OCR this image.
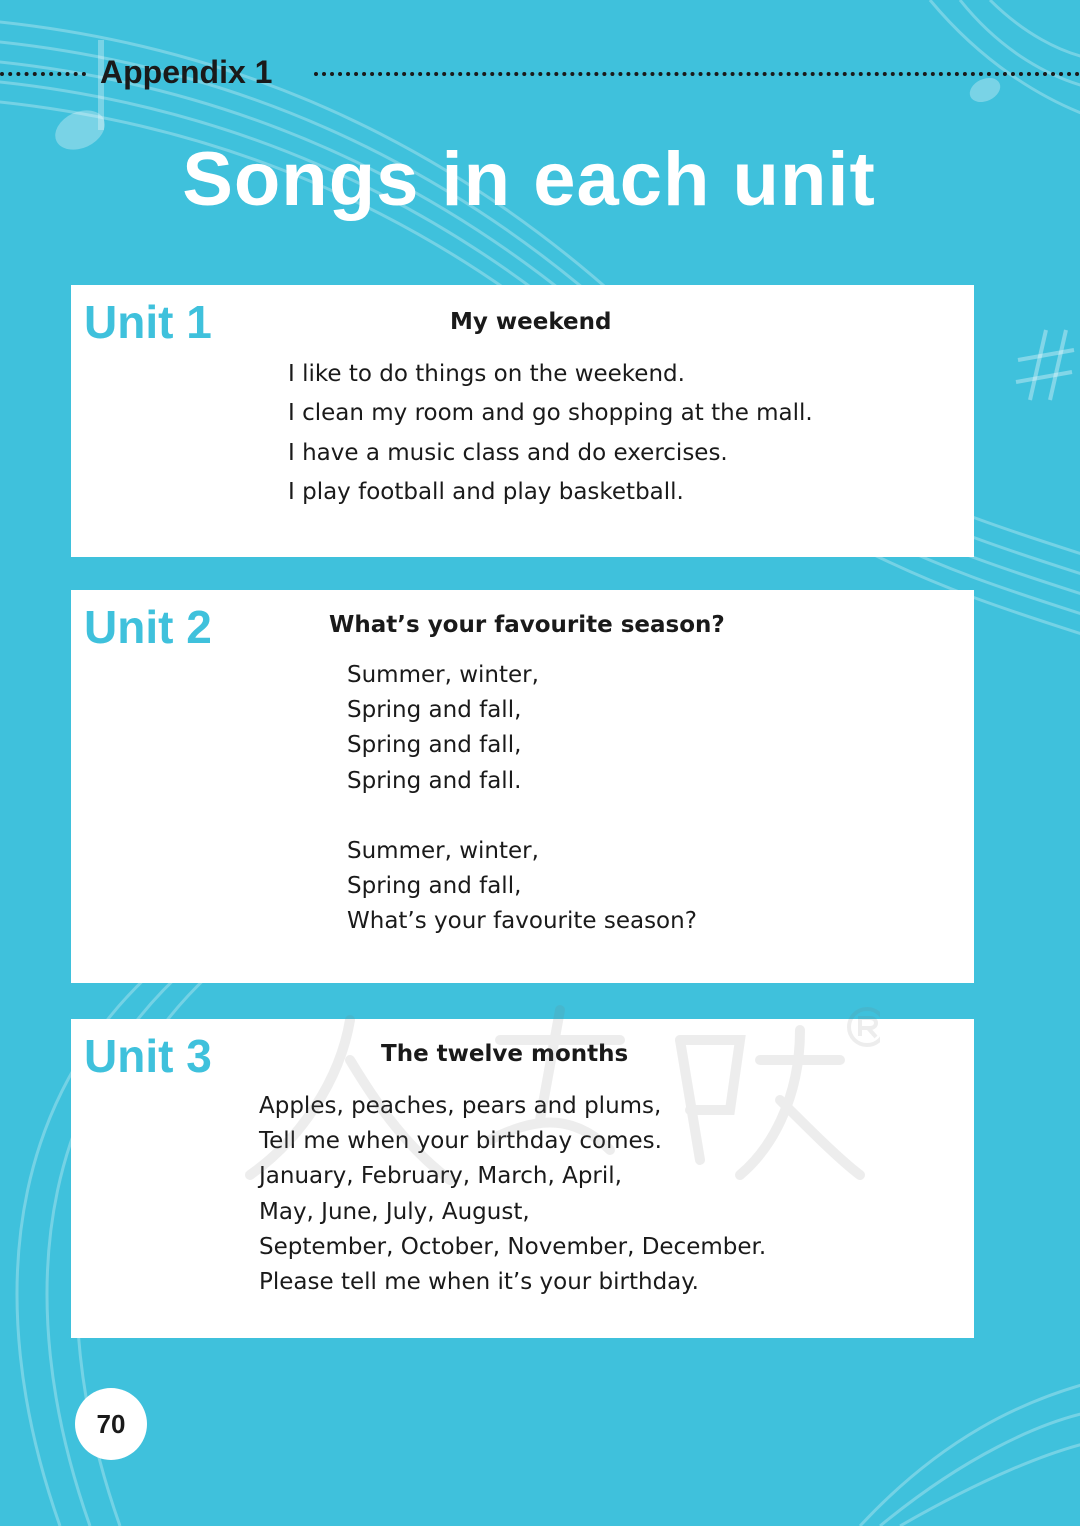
Appendix 1
Songs in each unit
Unit 1	My weekend
I like to do things on the weekend.
I clean my room and go shopping at the mall.
I have a music class and do exercises.
I play football and play basketball.
Unit 2	What’s your favourite season?
Summer, winter,
Spring and fall,
Spring and fall,
Spring and fall.
Summer, winter,
Spring and fall,
What’s your favourite season?
Unit 3	The twelve months
Apples, peaches, pears and plums,
Tell me when your birthday comes.
January, February, March, April,
May, June, July, August,
September, October, November, December.
Please tell me when it’s your birthday.
70
